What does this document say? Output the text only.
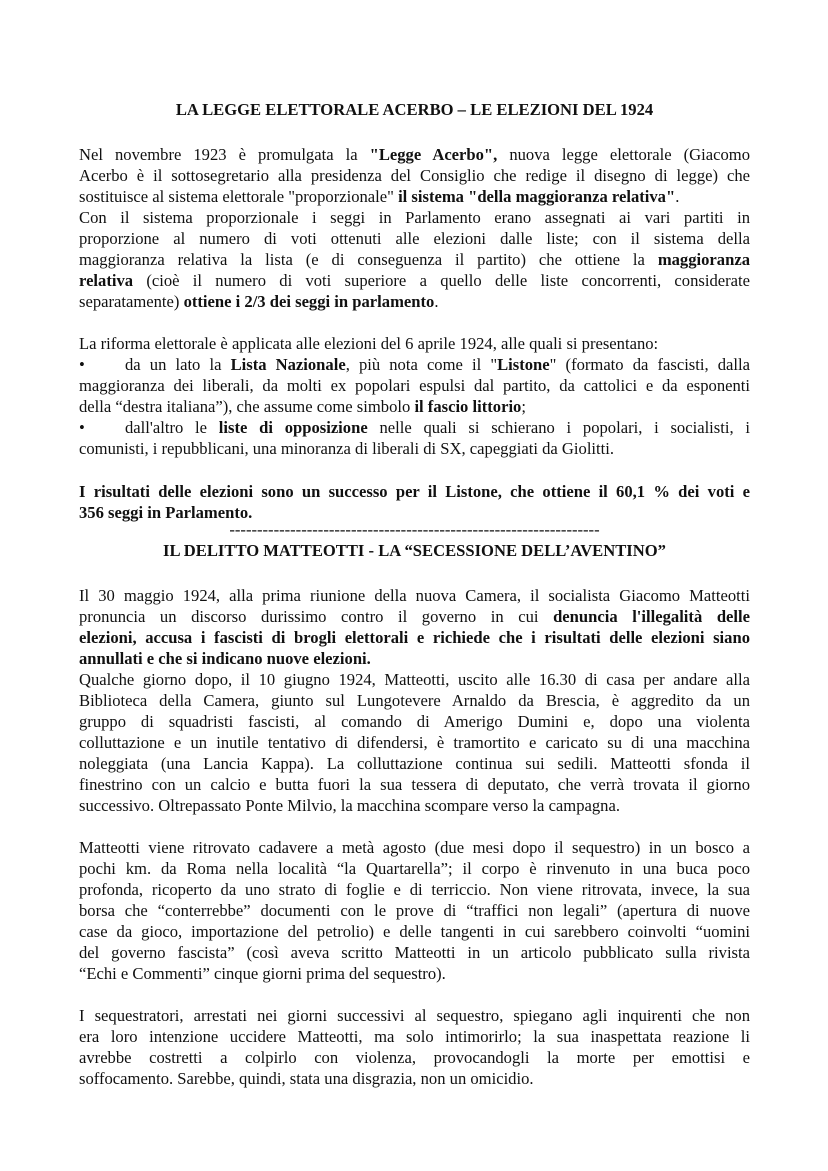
LA LEGGE ELETTORALE ACERBO – LE ELEZIONI DEL 1924
Nel novembre 1923 è promulgata la "Legge Acerbo", nuova legge elettorale (Giacomo
Acerbo è il sottosegretario alla presidenza del Consiglio che redige il disegno di legge) che
sostituisce al sistema elettorale "proporzionale" il sistema "della maggioranza relativa".
Con il sistema proporzionale i seggi in Parlamento erano assegnati ai vari partiti in
proporzione al numero di voti ottenuti alle elezioni dalle liste; con il sistema della
maggioranza relativa la lista (e di conseguenza il partito) che ottiene la maggioranza
relativa (cioè il numero di voti superiore a quello delle liste concorrenti, considerate
separatamente) ottiene i 2/3 dei seggi in parlamento.
La riforma elettorale è applicata alle elezioni del 6 aprile 1924, alle quali si presentano:
•	da un lato la Lista Nazionale, più nota come il "Listone" (formato da fascisti, dalla
maggioranza dei liberali, da molti ex popolari espulsi dal partito, da cattolici e da esponenti
della “destra italiana”), che assume come simbolo il fascio littorio;
•	dall'altro le liste di opposizione nelle quali si schierano i popolari, i socialisti, i
comunisti, i repubblicani, una minoranza di liberali di SX, capeggiati da Giolitti.
I risultati delle elezioni sono un successo per il Listone, che ottiene il 60,1 % dei voti e
356 seggi in Parlamento.
-------------------------------------------------------------------
IL DELITTO MATTEOTTI - LA “SECESSIONE DELL’AVENTINO”
Il 30 maggio 1924, alla prima riunione della nuova Camera, il socialista Giacomo Matteotti
pronuncia un discorso durissimo contro il governo in cui denuncia l'illegalità delle
elezioni, accusa i fascisti di brogli elettorali e richiede che i risultati delle elezioni siano
annullati e che si indicano nuove elezioni.
Qualche giorno dopo, il 10 giugno 1924, Matteotti, uscito alle 16.30 di casa per andare alla
Biblioteca della Camera, giunto sul Lungotevere Arnaldo da Brescia, è aggredito da un
gruppo di squadristi fascisti, al comando di Amerigo Dumini e, dopo una violenta
colluttazione e un inutile tentativo di difendersi, è tramortito e caricato su di una macchina
noleggiata (una Lancia Kappa). La colluttazione continua sui sedili. Matteotti sfonda il
finestrino con un calcio e butta fuori la sua tessera di deputato, che verrà trovata il giorno
successivo. Oltrepassato Ponte Milvio, la macchina scompare verso la campagna.
Matteotti viene ritrovato cadavere a metà agosto (due mesi dopo il sequestro) in un bosco a
pochi km. da Roma nella località “la Quartarella”; il corpo è rinvenuto in una buca poco
profonda, ricoperto da uno strato di foglie e di terriccio. Non viene ritrovata, invece, la sua
borsa che “conterrebbe” documenti con le prove di “traffici non legali” (apertura di nuove
case da gioco, importazione del petrolio) e delle tangenti in cui sarebbero coinvolti “uomini
del governo fascista” (così aveva scritto Matteotti in un articolo pubblicato sulla rivista
“Echi e Commenti” cinque giorni prima del sequestro).
I sequestratori, arrestati nei giorni successivi al sequestro, spiegano agli inquirenti che non
era loro intenzione uccidere Matteotti, ma solo intimorirlo; la sua inaspettata reazione li
avrebbe costretti a colpirlo con violenza, provocandogli la morte per emottisi e
soffocamento. Sarebbe, quindi, stata una disgrazia, non un omicidio.
